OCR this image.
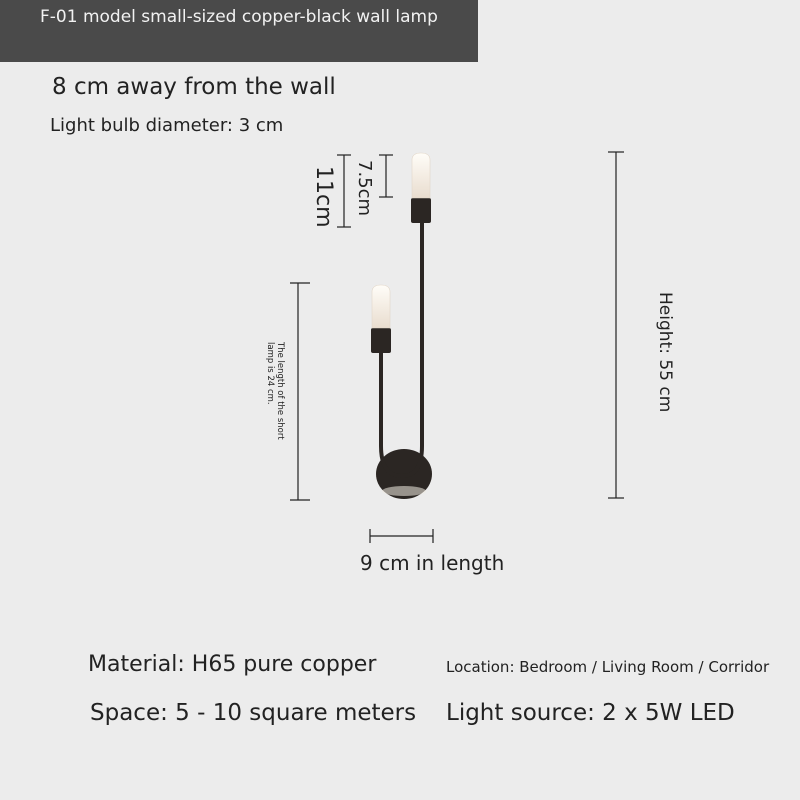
F-01 model small-sized copper-black wall lamp
8 cm away from the wall
Light bulb diameter: 3 cm
11cm 7.5cm
Height: 55 cm
The length of the short lamp is 24 cm.
9 cm in length
Material: H65 pure copper	Location: Bedroom / Living Room / Corridor
Space: 5 - 10 square meters Light source: 2 x 5W LED
